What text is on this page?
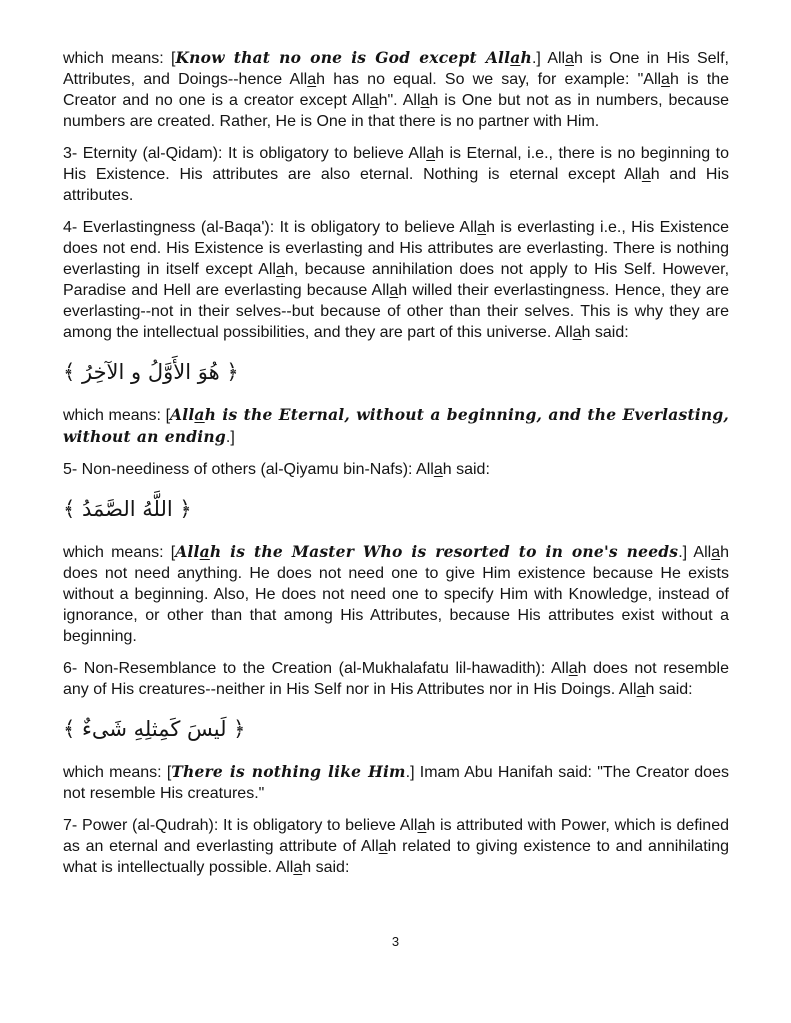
which means: [Know that no one is God except Allah.] Allah is One in His Self, Attributes, and Doings--hence Allah has no equal. So we say, for example: "Allah is the Creator and no one is a creator except Allah". Allah is One but not as in numbers, because numbers are created. Rather, He is One in that there is no partner with Him.

3- Eternity (al-Qidam): It is obligatory to believe Allah is Eternal, i.e., there is no beginning to His Existence. His attributes are also eternal. Nothing is eternal except Allah and His attributes.

4- Everlastingness (al-Baqa'): It is obligatory to believe Allah is everlasting i.e., His Existence does not end. His Existence is everlasting and His attributes are everlasting. There is nothing everlasting in itself except Allah, because annihilation does not apply to His Self. However, Paradise and Hell are everlasting because Allah willed their everlastingness. Hence, they are everlasting--not in their selves--but because of other than their selves. This is why they are among the intellectual possibilities, and they are part of this universe. Allah said:

﴿ هُوَ الأَوَّلُ و الآخِرُ ﴾

which means: [Allah is the Eternal, without a beginning, and the Everlasting, without an ending.]

5- Non-neediness of others (al-Qiyamu bin-Nafs): Allah said:

﴿ اللَّهُ الصَّمَدُ ﴾

which means: [Allah is the Master Who is resorted to in one's needs.] Allah does not need anything. He does not need one to give Him existence because He exists without a beginning. Also, He does not need one to specify Him with Knowledge, instead of ignorance, or other than that among His Attributes, because His attributes exist without a beginning.

6- Non-Resemblance to the Creation (al-Mukhalafatu lil-hawadith): Allah does not resemble any of His creatures--neither in His Self nor in His Attributes nor in His Doings. Allah said:

﴿ لَيسَ كَمِثلِهِ شَىءٌ ﴾

which means: [There is nothing like Him.] Imam Abu Hanifah said: "The Creator does not resemble His creatures."

7- Power (al-Qudrah): It is obligatory to believe Allah is attributed with Power, which is defined as an eternal and everlasting attribute of Allah related to giving existence to and annihilating what is intellectually possible. Allah said:

3
